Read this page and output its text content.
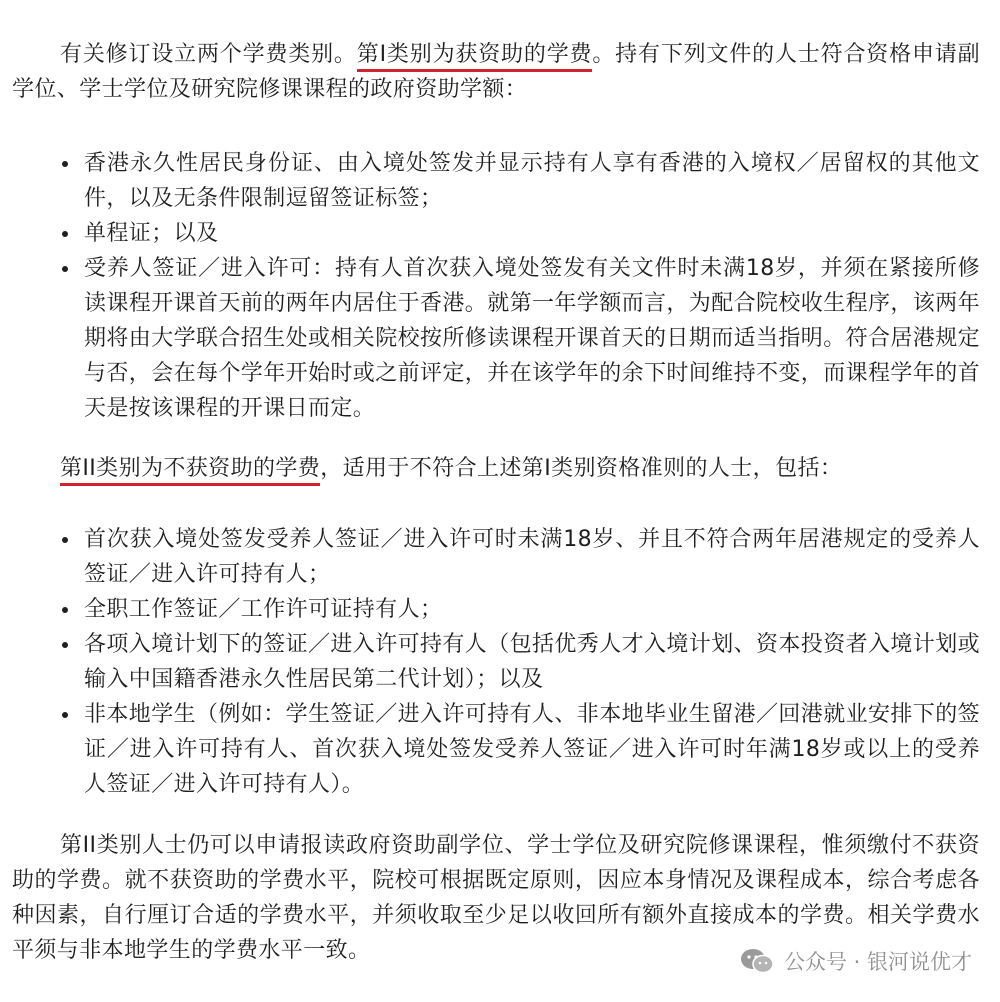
有关修订设立两个学费类别。第I类别为获资助的学费。持有下列文件的人士符合资格申请副学位、学士学位及研究院修课课程的政府资助学额：

香港永久性居民身份证、由入境处签发并显示持有人享有香港的入境权／居留权的其他文件，以及无条件限制逗留签证标签；
单程证；以及
受养人签证／进入许可：持有人首次获入境处签发有关文件时未满18岁，并须在紧接所修读课程开课首天前的两年内居住于香港。就第一年学额而言，为配合院校收生程序，该两年期将由大学联合招生处或相关院校按所修读课程开课首天的日期而适当指明。符合居港规定与否，会在每个学年开始时或之前评定，并在该学年的余下时间维持不变，而课程学年的首天是按该课程的开课日而定。

第II类别为不获资助的学费，适用于不符合上述第I类别资格准则的人士，包括：

首次获入境处签发受养人签证／进入许可时未满18岁、并且不符合两年居港规定的受养人签证／进入许可持有人；
全职工作签证／工作许可证持有人；
各项入境计划下的签证／进入许可持有人（包括优秀人才入境计划、资本投资者入境计划或输入中国籍香港永久性居民第二代计划）；以及
非本地学生（例如：学生签证／进入许可持有人、非本地毕业生留港／回港就业安排下的签证／进入许可持有人、首次获入境处签发受养人签证／进入许可时年满18岁或以上的受养人签证／进入许可持有人）。

第II类别人士仍可以申请报读政府资助副学位、学士学位及研究院修课课程，惟须缴付不获资助的学费。就不获资助的学费水平，院校可根据既定原则，因应本身情况及课程成本，综合考虑各种因素，自行厘订合适的学费水平，并须收取至少足以收回所有额外直接成本的学费。相关学费水平须与非本地学生的学费水平一致。	公众号 · 银河说优才
